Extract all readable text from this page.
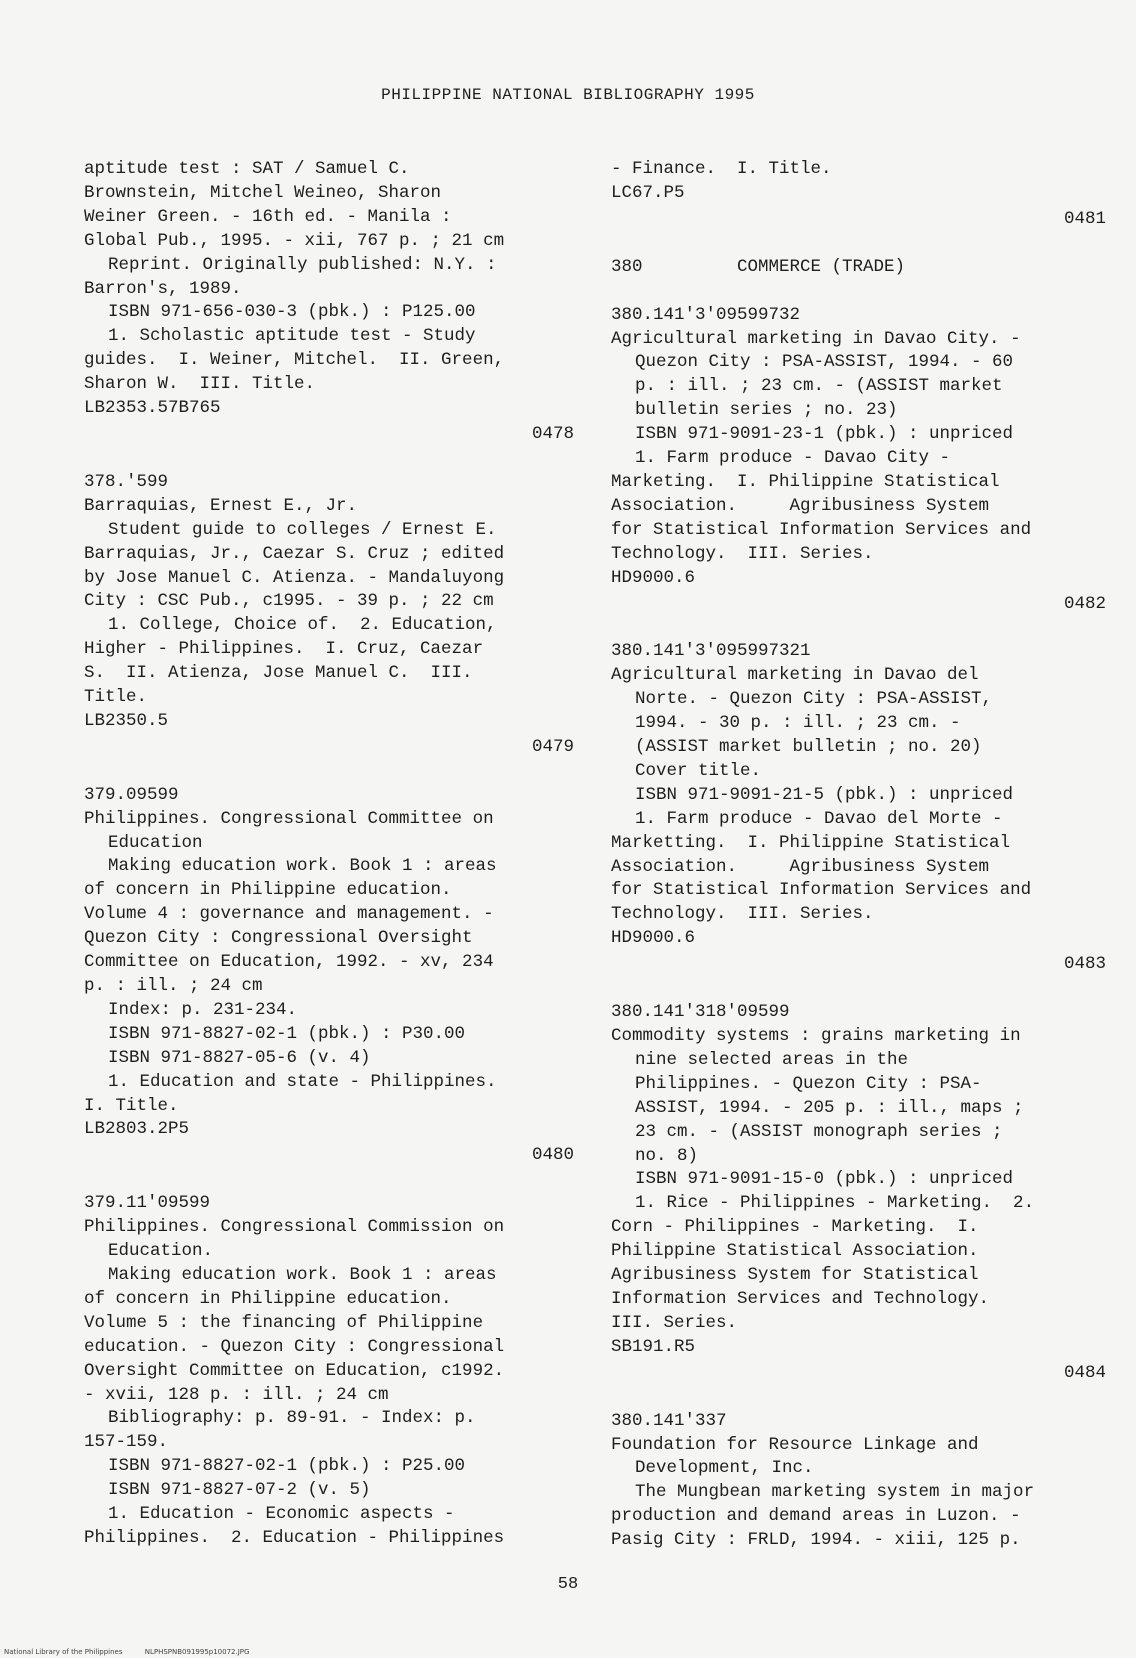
PHILIPPINE NATIONAL BIBLIOGRAPHY 1995
aptitude test : SAT / Samuel C.
Brownstein, Mitchel Weineo, Sharon
Weiner Green. - 16th ed. - Manila :
Global Pub., 1995. - xii, 767 p. ; 21 cm
Reprint. Originally published: N.Y. :
Barron's, 1989.
ISBN 971-656-030-3 (pbk.) : P125.00
1. Scholastic aptitude test - Study
guides.  I. Weiner, Mitchel.  II. Green,
Sharon W.  III. Title.
LB2353.57B765
0478
378.'599
Barraquias, Ernest E., Jr.
Student guide to colleges / Ernest E.
Barraquias, Jr., Caezar S. Cruz ; edited
by Jose Manuel C. Atienza. - Mandaluyong
City : CSC Pub., c1995. - 39 p. ; 22 cm
1. College, Choice of.  2. Education,
Higher - Philippines.  I. Cruz, Caezar
S.  II. Atienza, Jose Manuel C.  III.
Title.
LB2350.5
0479
379.09599
Philippines. Congressional Committee on
Education
Making education work. Book 1 : areas
of concern in Philippine education.
Volume 4 : governance and management. -
Quezon City : Congressional Oversight
Committee on Education, 1992. - xv, 234
p. : ill. ; 24 cm
Index: p. 231-234.
ISBN 971-8827-02-1 (pbk.) : P30.00
ISBN 971-8827-05-6 (v. 4)
1. Education and state - Philippines.
I. Title.
LB2803.2P5
0480
379.11'09599
Philippines. Congressional Commission on
Education.
Making education work. Book 1 : areas
of concern in Philippine education.
Volume 5 : the financing of Philippine
education. - Quezon City : Congressional
Oversight Committee on Education, c1992.
- xvii, 128 p. : ill. ; 24 cm
Bibliography: p. 89-91. - Index: p.
157-159.
ISBN 971-8827-02-1 (pbk.) : P25.00
ISBN 971-8827-07-2 (v. 5)
1. Education - Economic aspects -
Philippines.  2. Education - Philippines
- Finance.  I. Title.
LC67.P5
0481
380	COMMERCE (TRADE)
380.141'3'09599732
Agricultural marketing in Davao City. -
Quezon City : PSA-ASSIST, 1994. - 60
p. : ill. ; 23 cm. - (ASSIST market
bulletin series ; no. 23)
ISBN 971-9091-23-1 (pbk.) : unpriced
1. Farm produce - Davao City -
Marketing.  I. Philippine Statistical
Association.     Agribusiness System
for Statistical Information Services and
Technology.  III. Series.
HD9000.6
0482
380.141'3'095997321
Agricultural marketing in Davao del
Norte. - Quezon City : PSA-ASSIST,
1994. - 30 p. : ill. ; 23 cm. -
(ASSIST market bulletin ; no. 20)
Cover title.
ISBN 971-9091-21-5 (pbk.) : unpriced
1. Farm produce - Davao del Morte -
Marketting.  I. Philippine Statistical
Association.     Agribusiness System
for Statistical Information Services and
Technology.  III. Series.
HD9000.6
0483
380.141'318'09599
Commodity systems : grains marketing in
nine selected areas in the
Philippines. - Quezon City : PSA-
ASSIST, 1994. - 205 p. : ill., maps ;
23 cm. - (ASSIST monograph series ;
no. 8)
ISBN 971-9091-15-0 (pbk.) : unpriced
1. Rice - Philippines - Marketing.  2.
Corn - Philippines - Marketing.  I.
Philippine Statistical Association.
Agribusiness System for Statistical
Information Services and Technology.
III. Series.
SB191.R5
0484
380.141'337
Foundation for Resource Linkage and
Development, Inc.
The Mungbean marketing system in major
production and demand areas in Luzon. -
Pasig City : FRLD, 1994. - xiii, 125 p.
58
National Library of the Philippines	NLPHSPNB091995p10072.JPG
